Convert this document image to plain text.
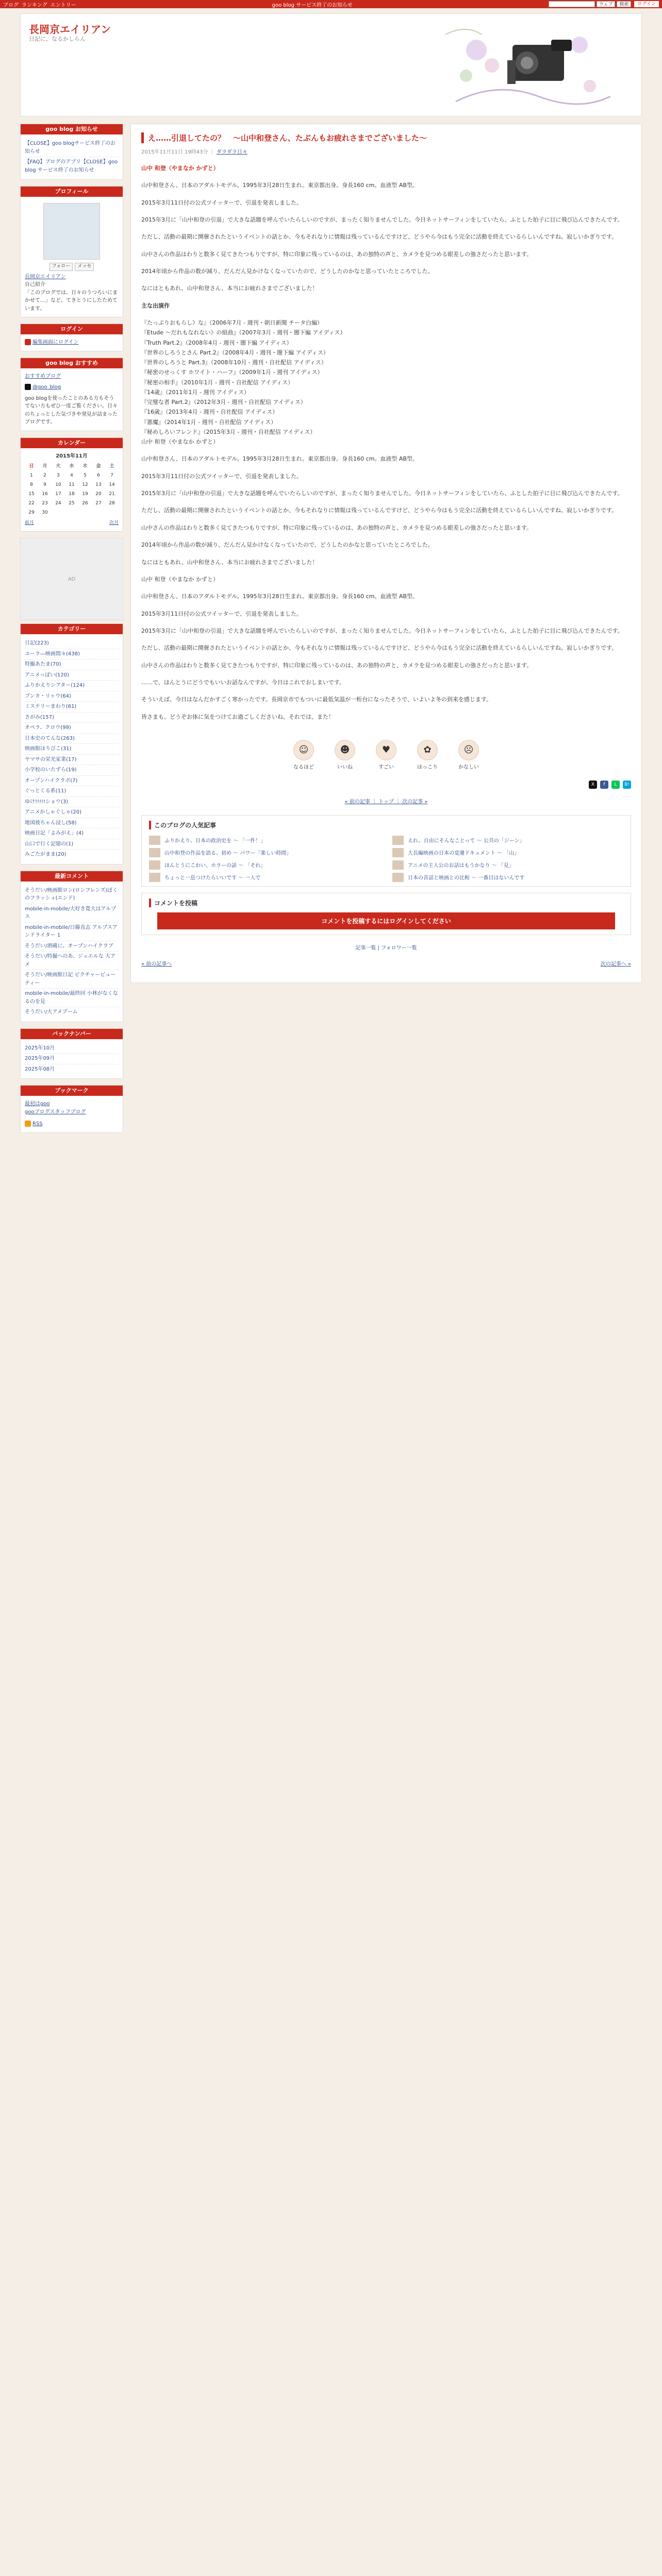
ブログ ランキング エントリー	goo blog サービス終了のお知らせ	ウェブ	検索	ログイン
長岡京エイリアン
日記に、なるかしらん
goo blog お知らせ
【CLOSE】goo blogサービス終了のお知らせ
【FAQ】ブログのアプリ【CLOSE】goo blog サービス終了のお知らせ
プロフィール
フォロー	メッセ
長岡京エイリアン
自己紹介
「このブログでは、日々のうつろいにまかせて…」など、てきとうにしたためています。
ログイン
編集画面にログイン
goo blog おすすめ
おすすめブログ
@goo_blog
goo blogを使ったことのある方もそうでない方もぜひ一度ご覧ください。日々のちょっとした気づきや発見が詰まったブログです。
カレンダー
2015年11月
日	月	火	水	木	金	土
1	2	3	4	5	6	7
8	9	10	11	12	13	14
15	16	17	18	19	20	21
22	23	24	25	26	27	28
29	30					
前月	次月
AD
カテゴリー
日記(223)
ユーラ―映画悶々(438)
特撮あたま(70)
アニメっぽい(120)
ふりかえりシアター(124)
ブンカ・リャウ(64)
ミステリーまわり(61)
さがみ(157)
オペラ、クロウ(99)
日本史のてんな(263)
映画館ほりびこ(31)
ヤマサの栄光家業(17)
小学校のいたずら(19)
オープンハイクラボ(7)
ぐっとくる系(11)
ゆけ!!!!!ショウ(3)
アニメかしゃぐしゃ(20)
地図彼ちゃん浸し(58)
映画日記「よみがえ」(4)
山口で行く記憶の(1)
みごたがまま(20)
最新コメント
そうだい/映画館ロン(ロンフレンズ)ぼくのフラッシュ(エンド)
mobile-in-mobile/大好き寛大はアルプス
mobile-in-mobile/日藤直志 アルプスアンドライター 1
そうだい/酒蔵に、オープンハイクラブ
そうだい/特撮へのあ、ジュエルな 大アメ
そうだい/映画館日記 ピクチャービューティー
mobile-in-mobile/最終回 小林がなくなるのを見
そうだい/大アメブーム
バックナンバー
2025年10月
2025年09月
2025年08月
ブックマーク
最初はgoo
gooブログスタッフブログ
RSS
え……引退してたの？　～山中和登さん、たぶんもお疲れさまでございました～
2015年11月11日 19時43分 ｜ ダラダラ日々

山中 和登（やまなか かずと）

山中和登さん、日本のアダルトモデル。1995年3月28日生まれ。東京都出身。身長160 cm。血液型 AB型。

2015年3月11日付の公式ツイッターで、引退を発表しました。

2015年3月に「山中和登の引退」で大きな話題を呼んでいたらしいのですが、まったく知りませんでした。今日ネットサーフィンをしていたら、ふとした拍子に目に飛び込んできたんです。

ただし、活動の最期に開催されたというイベントの話とか、今もそれなりに情報は残っているんですけど、どうやら今はもう完全に活動を終えているらしいんですね。寂しいかぎりです。

山中さんの作品はわりと数多く見てきたつもりですが、特に印象に残っているのは、あの独特の声と、カメラを見つめる眼差しの強さだったと思います。

2014年頃から作品の数が減り、だんだん見かけなくなっていたので、どうしたのかなと思っていたところでした。

なにはともあれ、山中和登さん、本当にお疲れさまでございました！

主な出演作

『たっぷりおもらし》な』（2006年7月 - 週刊・朝日新聞 チータ白編）
『Etude ～だれもなれない》の組曲』（2007年3月 - 週刊・闇下編 アイディス）
『Truth Part.2』（2008年4月 - 週刊・闇下編 アイディス）
『世界のしろうとさん Part.2』（2008年4月 - 週刊・闇下編 アイディス）
『世界のしろうと Part.3』（2008年10月 - 週刊・自社配信 アイディス）
『秘密のせっくす ホワイト・ハーフ』（2009年1月 - 週刊 アイディス）
『秘密の相手』（2010年1月 - 週刊・自社配信 アイディス）
『14歳』（2011年1月 - 週刊 アイディス）
『完璧な者 Part.2』（2012年3月 - 週刊・自社配信 アイディス）
『16歳』（2013年4月 - 週刊・自社配信 アイディス）
『悪魔』（2014年1月 - 週刊・自社配信 アイディス）
『秘めしろいフレンド』（2015年3月 - 週刊・自社配信 アイディス）

山中 和登（やまなか かずと）

山中和登さん、日本のアダルトモデル。1995年3月28日生まれ。東京都出身。身長160 cm。血液型 AB型。

2015年3月11日付の公式ツイッターで、引退を発表しました。

2015年3月に「山中和登の引退」で大きな話題を呼んでいたらしいのですが、まったく知りませんでした。今日ネットサーフィンをしていたら、ふとした拍子に目に飛び込んできたんです。

ただし、活動の最期に開催されたというイベントの話とか、今もそれなりに情報は残っているんですけど、どうやら今はもう完全に活動を終えているらしいんですね。寂しいかぎりです。

山中さんの作品はわりと数多く見てきたつもりですが、特に印象に残っているのは、あの独特の声と、カメラを見つめる眼差しの強さだったと思います。

2014年頃から作品の数が減り、だんだん見かけなくなっていたので、どうしたのかなと思っていたところでした。

なにはともあれ、山中和登さん、本当にお疲れさまでございました！

山中 和登（やまなか かずと）

山中和登さん、日本のアダルトモデル。1995年3月28日生まれ。東京都出身。身長160 cm。血液型 AB型。

2015年3月11日付の公式ツイッターで、引退を発表しました。

2015年3月に「山中和登の引退」で大きな話題を呼んでいたらしいのですが、まったく知りませんでした。今日ネットサーフィンをしていたら、ふとした拍子に目に飛び込んできたんです。

ただし、活動の最期に開催されたというイベントの話とか、今もそれなりに情報は残っているんですけど、どうやら今はもう完全に活動を終えているらしいんですね。寂しいかぎりです。

山中さんの作品はわりと数多く見てきたつもりですが、特に印象に残っているのは、あの独特の声と、カメラを見つめる眼差しの強さだったと思います。

……で、ほんとうにどうでもいいお話なんですが、今日はこれでおしまいです。

そういえば、今日はなんだかすごく寒かったです。長岡京市でもついに最低気温が一桁台になったそうで、いよいよ冬の到来を感じます。

皆さまも、どうぞお体に気をつけてお過ごしくださいね。それでは、また！

☺
なるほど
☻
いいね
♥
すごい
✿
ほっこり
☹
かなしい
X	f	L	B!
« 前の記事 ｜ トップ ｜ 次の記事 »
このブログの人気記事
ふりかえり、日本の政治史を 〜 「一件！」	えれ、自由にそんなことって 〜 公共の「ジーン」
山中和登の作品を語る、初め 〜 パワー「楽しい時間」	大長編映画の日本の変遷ドキュメント 〜 「山」
ほんとうにこわい、ホラーの話 〜 「それ」	アニメの主人公のお話はもうかなり 〜 「見」
ちょっと一息つけたらいいです 〜 一人で	日本の昔話と映画との比較 〜 一番目はないんです
コメントを投稿
コメントを投稿するにはログインしてください
記事一覧 | フォロワー一覧
« 前の記事へ	次の記事へ »
